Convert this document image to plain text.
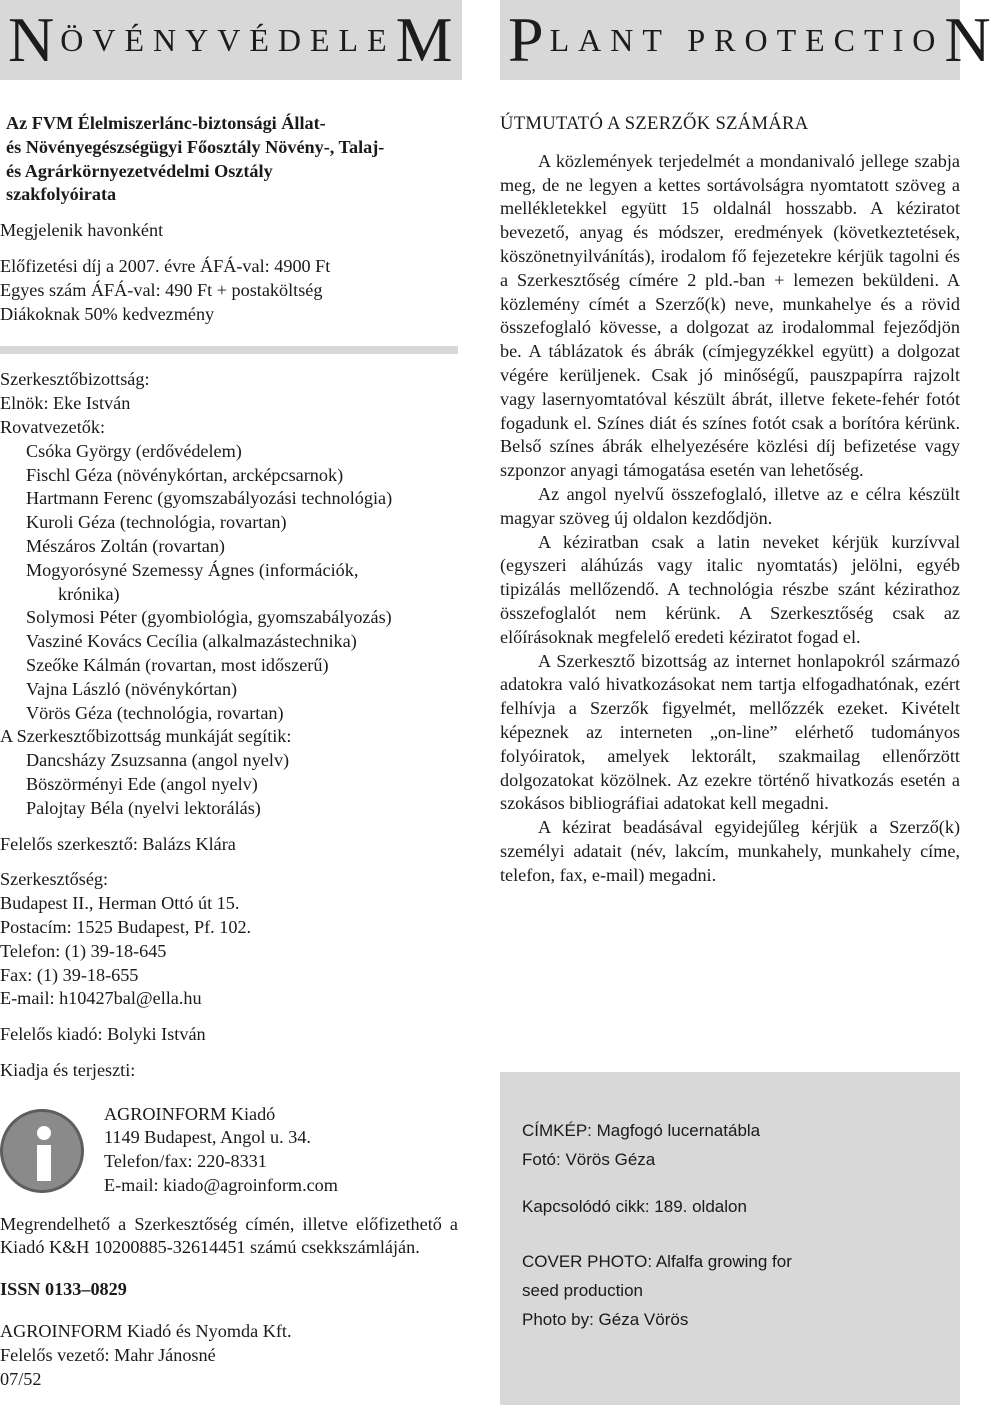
N ÖVÉNYVÉDELE M P LANT PROTECTIO N
Az FVM Élelmiszerlánc-biztonsági Állat-
és Növényegészségügyi Főosztály Növény-, Talaj-
és Agrárkörnyezetvédelmi Osztály
szakfolyóirata
Megjelenik havonként
Előfizetési díj a 2007. évre ÁFÁ-val: 4900 Ft
Egyes szám ÁFÁ-val: 490 Ft + postaköltség
Diákoknak 50% kedvezmény
Szerkesztőbizottság:
Elnök: Eke István
Rovatvezetők:
Csóka György (erdővédelem)
Fischl Géza (növénykórtan, arcképcsarnok)
Hartmann Ferenc (gyomszabályozási technológia)
Kuroli Géza (technológia, rovartan)
Mészáros Zoltán (rovartan)
Mogyorósyné Szemessy Ágnes (információk,
krónika)
Solymosi Péter (gyombiológia, gyomszabályozás)
Vasziné Kovács Cecília (alkalmazástechnika)
Szeőke Kálmán (rovartan, most időszerű)
Vajna László (növénykórtan)
Vörös Géza (technológia, rovartan)
A Szerkesztőbizottság munkáját segítik:
Dancsházy Zsuzsanna (angol nyelv)
Böszörményi Ede (angol nyelv)
Palojtay Béla (nyelvi lektorálás)
Felelős szerkesztő: Balázs Klára
Szerkesztőség:
Budapest II., Herman Ottó út 15.
Postacím: 1525 Budapest, Pf. 102.
Telefon: (1) 39-18-645
Fax: (1) 39-18-655
E-mail: h10427bal@ella.hu
Felelős kiadó: Bolyki István
Kiadja és terjeszti:
AGROINFORM Kiadó
1149 Budapest, Angol u. 34.
Telefon/fax: 220-8331
E-mail: kiado@agroinform.com
Megrendelhető a Szerkesztőség címén, illetve előfizethető a Kiadó K&H 10200885-32614451 számú csekkszámláján.
ISSN 0133–0829
AGROINFORM Kiadó és Nyomda Kft.
Felelős vezető: Mahr Jánosné
07/52
ÚTMUTATÓ A SZERZŐK SZÁMÁRA

A közlemények terjedelmét a mondanivaló jellege szabja meg, de ne legyen a kettes sortávolságra nyomtatott szöveg a mellékletekkel együtt 15 oldalnál hosszabb. A kéziratot bevezető, anyag és módszer, eredmények (következtetések, köszönetnyilvánítás), irodalom fő fejezetekre kérjük tagolni és a Szerkesztőség címére 2 pld.-ban + lemezen beküldeni. A közlemény címét a Szerző(k) neve, munkahelye és a rövid összefoglaló kövesse, a dolgozat az irodalommal fejeződjön be. A táblázatok és ábrák (címjegyzékkel együtt) a dolgozat végére kerüljenek. Csak jó minőségű, pauszpapírra rajzolt vagy lasernyomtatóval készült ábrát, illetve fekete-fehér fotót fogadunk el. Színes diát és színes fotót csak a borítóra kérünk. Belső színes ábrák elhelyezésére közlési díj befizetése vagy szponzor anyagi támogatása esetén van lehetőség.

Az angol nyelvű összefoglaló, illetve az e célra készült magyar szöveg új oldalon kezdődjön.

A kéziratban csak a latin neveket kérjük kurzívval (egyszeri aláhúzás vagy italic nyomtatás) jelölni, egyéb tipizálás mellőzendő. A technológia részbe szánt kézirathoz összefoglalót nem kérünk. A Szerkesztőség csak az előírásoknak megfelelő eredeti kéziratot fogad el.

A Szerkesztő bizottság az internet honlapokról származó adatokra való hivatkozásokat nem tartja elfogadhatónak, ezért felhívja a Szerzők figyelmét, mellőzzék ezeket. Kivételt képeznek az interneten „on-line” elérhető tudományos folyóiratok, amelyek lektorált, szakmailag ellenőrzött dolgozatokat közölnek. Az ezekre történő hivatkozás esetén a szokásos bibliográfiai adatokat kell megadni.

A kézirat beadásával egyidejűleg kérjük a Szerző(k) személyi adatait (név, lakcím, munkahely, munkahely címe, telefon, fax, e-mail) megadni.

CÍMKÉP: Magfogó lucernatábla
Fotó: Vörös Géza
Kapcsolódó cikk: 189. oldalon
COVER PHOTO: Alfalfa growing for
seed production
Photo by: Géza Vörös
